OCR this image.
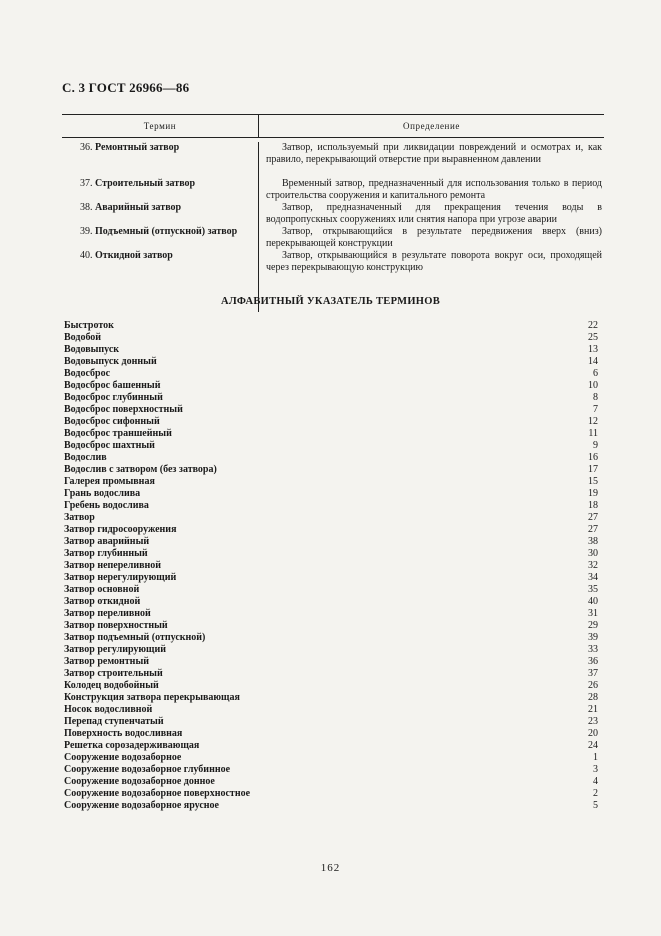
С. 3 ГОСТ 26966—86
Термин	Определение
36. Ремонтный затвор	Затвор, используемый при ликвидации повреждений и осмотрах и, как правило, перекрывающий отверстие при выравненном давлении
37. Строительный затвор	Временный затвор, предназначенный для использования только в период строительства сооружения и капитального ремонта
38. Аварийный затвор	Затвор, предназначенный для прекращения течения воды в водопропускных сооружениях или снятия напора при угрозе аварии
39. Подъемный (отпускной) затвор	Затвор, открывающийся в результате передвижения вверх (вниз) перекрывающей конструкции
40. Откидной затвор	Затвор, открывающийся в результате поворота вокруг оси, проходящей через перекрывающую конструкцию
АЛФАВИТНЫЙ УКАЗАТЕЛЬ ТЕРМИНОВ
Быстроток	22
Водобой	25
Водовыпуск	13
Водовыпуск донный	14
Водосброс	6
Водосброс башенный	10
Водосброс глубинный	8
Водосброс поверхностный	7
Водосброс сифонный	12
Водосброс траншейный	11
Водосброс шахтный	9
Водослив	16
Водослив с затвором (без затвора)	17
Галерея промывная	15
Грань водослива	19
Гребень водослива	18
Затвор	27
Затвор гидросооружения	27
Затвор аварийный	38
Затвор глубинный	30
Затвор непереливной	32
Затвор нерегулирующий	34
Затвор основной	35
Затвор откидной	40
Затвор переливной	31
Затвор поверхностный	29
Затвор подъемный (отпускной)	39
Затвор регулирующий	33
Затвор ремонтный	36
Затвор строительный	37
Колодец водобойный	26
Конструкция затвора перекрывающая	28
Носок водосливной	21
Перепад ступенчатый	23
Поверхность водосливная	20
Решетка сорозадерживающая	24
Сооружение водозаборное	1
Сооружение водозаборное глубинное	3
Сооружение водозаборное донное	4
Сооружение водозаборное поверхностное	2
Сооружение водозаборное ярусное	5
162
